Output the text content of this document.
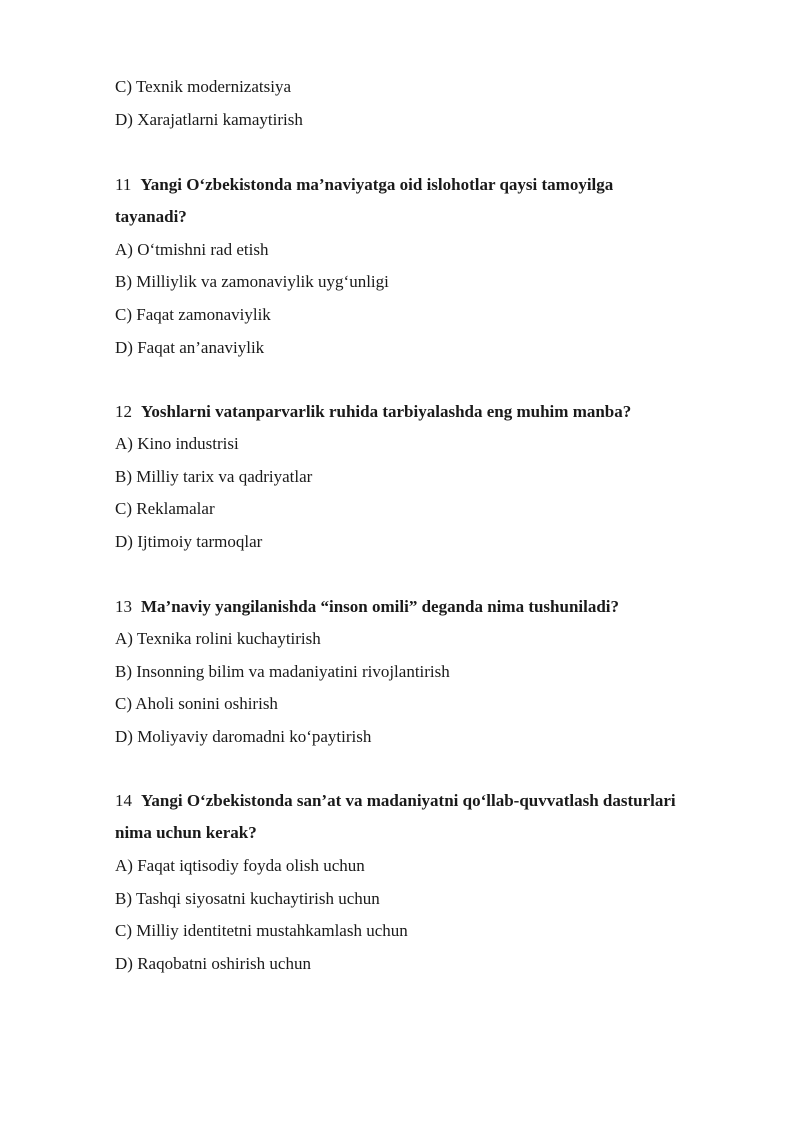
C) Texnik modernizatsiya
D) Xarajatlarni kamaytirish
11 Yangi O‘zbekistonda ma’naviyatga oid islohotlar qaysi tamoyilga
tayanadi?
A) O‘tmishni rad etish
B) Milliylik va zamonaviylik uyg‘unligi
C) Faqat zamonaviylik
D) Faqat an’anaviylik
12 Yoshlarni vatanparvarlik ruhida tarbiyalashda eng muhim manba?
A) Kino industrisi
B) Milliy tarix va qadriyatlar
C) Reklamalar
D) Ijtimoiy tarmoqlar
13 Ma’naviy yangilanishda “inson omili” deganda nima tushuniladi?
A) Texnika rolini kuchaytirish
B) Insonning bilim va madaniyatini rivojlantirish
C) Aholi sonini oshirish
D) Moliyaviy daromadni ko‘paytirish
14 Yangi O‘zbekistonda san’at va madaniyatni qo‘llab-quvvatlash dasturlari
nima uchun kerak?
A) Faqat iqtisodiy foyda olish uchun
B) Tashqi siyosatni kuchaytirish uchun
C) Milliy identitetni mustahkamlash uchun
D) Raqobatni oshirish uchun
